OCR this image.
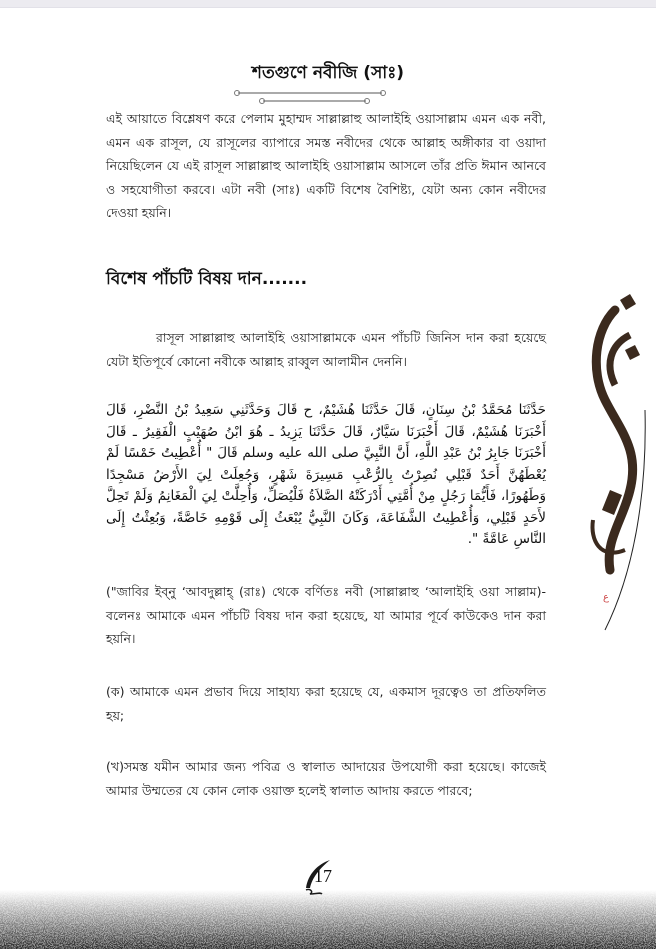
শতগুণে নবীজি (সাঃ)

এই আয়াতে বিশ্লেষণ করে পেলাম মুহাম্মদ সাল্লাল্লাহু আলাইহি ওয়াসাল্লাম এমন এক নবী, এমন এক রাসূল, যে রাসূলের ব্যাপারে সমস্ত নবীদের থেকে আল্লাহ অঙ্গীকার বা ওয়াদা নিয়েছিলেন যে এই রাসূল সাল্লাল্লাহু আলাইহি ওয়াসাল্লাম আসলে তাঁর প্রতি ঈমান আনবে ও সহযোগীতা করবে। এটা নবী (সাঃ) একটি বিশেষ বৈশিষ্ট্য, যেটা অন্য কোন নবীদের দেওয়া হয়নি।

বিশেষ পাঁচটি বিষয় দান.......

রাসূল সাল্লাল্লাহু আলাইহি ওয়াসাল্লামকে এমন পাঁচটি জিনিস দান করা হয়েছে যেটা ইতিপূর্বে কোনো নবীকে আল্লাহ রাব্বুল আলামীন দেননি।

حَدَّثَنَا مُحَمَّدُ بْنُ سِنَانٍ، قَالَ حَدَّثَنَا هُشَيْمٌ، ح قَالَ وَحَدَّثَنِي سَعِيدُ بْنُ النَّضْرِ، قَالَ أَخْبَرَنَا هُشَيْمٌ، قَالَ أَخْبَرَنَا سَيَّارٌ، قَالَ حَدَّثَنَا يَزِيدُ ـ هُوَ ابْنُ صُهَيْبٍ الْفَقِيرُ ـ قَالَ أَخْبَرَنَا جَابِرُ بْنُ عَبْدِ اللَّهِ، أَنَّ النَّبِيَّ صلى الله عليه وسلم قَالَ " أُعْطِيتُ خَمْسًا لَمْ يُعْطَهُنَّ أَحَدٌ قَبْلِي نُصِرْتُ بِالرُّعْبِ مَسِيرَةَ شَهْرٍ، وَجُعِلَتْ لِيَ الأَرْضُ مَسْجِدًا وَطَهُورًا، فَأَيُّمَا رَجُلٍ مِنْ أُمَّتِي أَدْرَكَتْهُ الصَّلاَةُ فَلْيُصَلِّ، وَأُحِلَّتْ لِيَ الْمَغَانِمُ وَلَمْ تَحِلَّ لأَحَدٍ قَبْلِي، وَأُعْطِيتُ الشَّفَاعَةَ، وَكَانَ النَّبِيُّ يُبْعَثُ إِلَى قَوْمِهِ خَاصَّةً، وَبُعِثْتُ إِلَى النَّاسِ عَامَّةً ".

("জাবির ইব্‌নু ‘আবদুল্লাহ্‌ (রাঃ) থেকে বর্ণিতঃ নবী (সাল্লাল্লাহু ‘আলাইহি ওয়া সাল্লাম)-বলেনঃ আমাকে এমন পাঁচটি বিষয় দান করা হয়েছে, যা আমার পূর্বে কাউকেও দান করা হয়নি।

(ক) আমাকে এমন প্রভাব দিয়ে সাহায্য করা হয়েছে যে, একমাস দূরত্বেও তা প্রতিফলিত হয়;

(খ)সমস্ত যমীন আমার জন্য পবিত্র ও স্বালাত আদায়ের উপযোগী করা হয়েছে। কাজেই আমার উম্মতের যে কোন লোক ওয়াক্ত হলেই স্বালাত আদায় করতে পারবে;

ع
17
